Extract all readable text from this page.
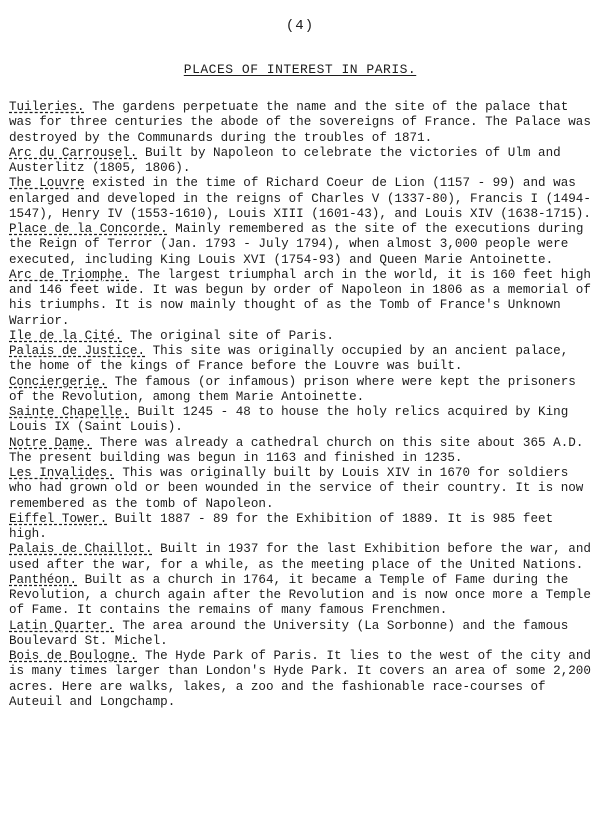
(4)
PLACES OF INTEREST IN PARIS.

Tuileries. The gardens perpetuate the name and the site of the palace that was for three centuries the abode of the sovereigns of France. The Palace was destroyed by the Communards during the troubles of 1871.

Arc du Carrousel. Built by Napoleon to celebrate the victories of Ulm and Austerlitz (1805, 1806).

The Louvre existed in the time of Richard Coeur de Lion (1157 - 99) and was enlarged and developed in the reigns of Charles V (1337-80), Francis I (1494-1547), Henry IV (1553-1610), Louis XIII (1601-43), and Louis XIV (1638-1715).

Place de la Concorde. Mainly remembered as the site of the executions during the Reign of Terror (Jan. 1793 - July 1794), when almost 3,000 people were executed, including King Louis XVI (1754-93) and Queen Marie Antoinette.

Arc de Triomphe. The largest triumphal arch in the world, it is 160 feet high and 146 feet wide. It was begun by order of Napoleon in 1806 as a memorial of his triumphs. It is now mainly thought of as the Tomb of France's Unknown Warrior.

Ile de la Cité. The original site of Paris.

Palais de Justice. This site was originally occupied by an ancient palace, the home of the kings of France before the Louvre was built.

Conciergerie. The famous (or infamous) prison where were kept the prisoners of the Revolution, among them Marie Antoinette.

Sainte Chapelle. Built 1245 - 48 to house the holy relics acquired by King Louis IX (Saint Louis).

Notre Dame. There was already a cathedral church on this site about 365 A.D. The present building was begun in 1163 and finished in 1235.

Les Invalides. This was originally built by Louis XIV in 1670 for soldiers who had grown old or been wounded in the service of their country. It is now remembered as the tomb of Napoleon.

Eiffel Tower. Built 1887 - 89 for the Exhibition of 1889. It is 985 feet high.

Palais de Chaillot. Built in 1937 for the last Exhibition before the war, and used after the war, for a while, as the meeting place of the United Nations.

Panthéon. Built as a church in 1764, it became a Temple of Fame during the Revolution, a church again after the Revolution and is now once more a Temple of Fame. It contains the remains of many famous Frenchmen.

Latin Quarter. The area around the University (La Sorbonne) and the famous Boulevard St. Michel.

Bois de Boulogne. The Hyde Park of Paris. It lies to the west of the city and is many times larger than London's Hyde Park. It covers an area of some 2,200 acres. Here are walks, lakes, a zoo and the fashionable race-courses of Auteuil and Longchamp.
